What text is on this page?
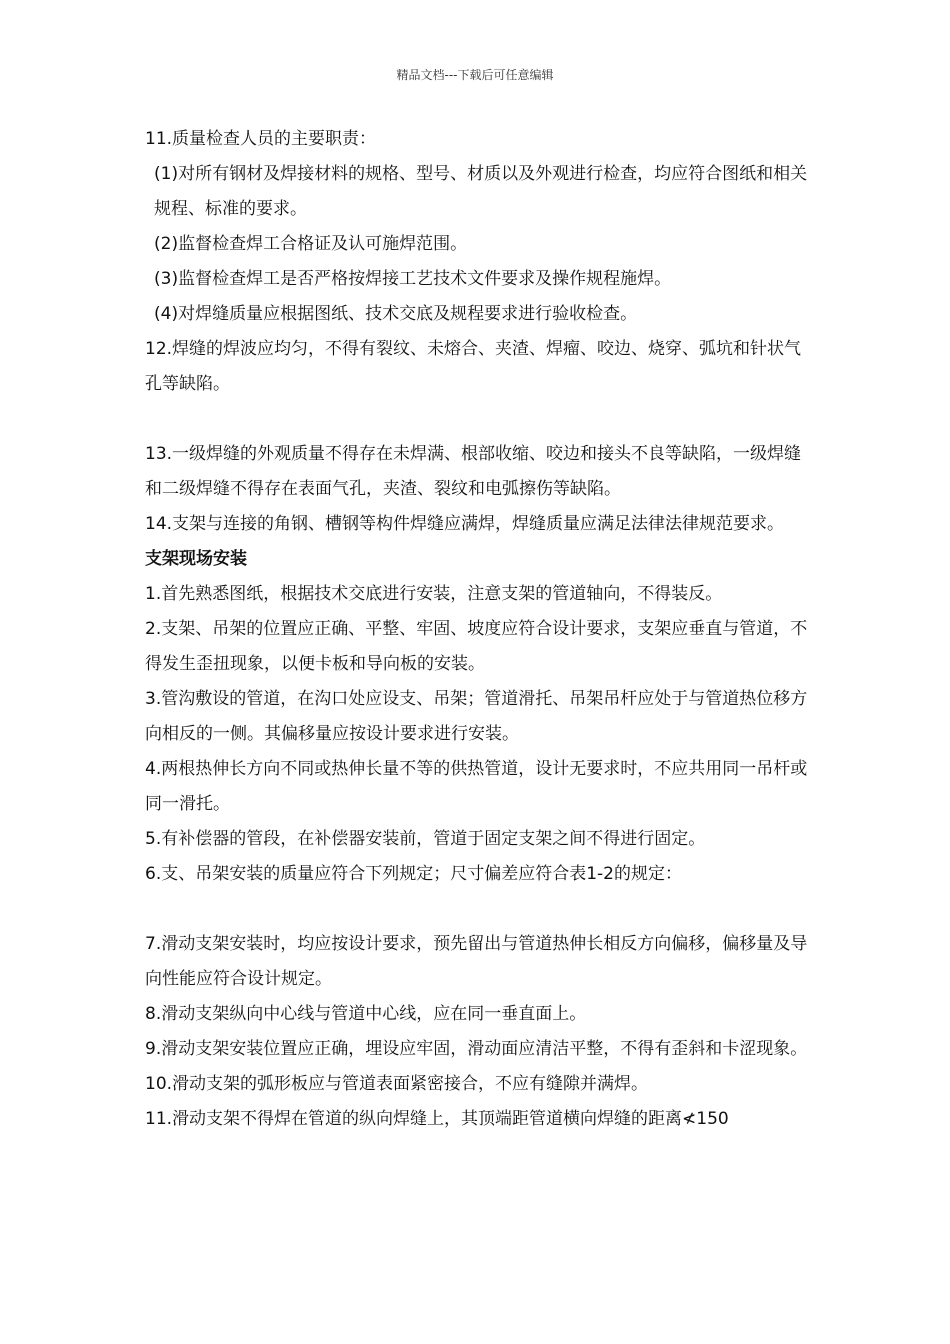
精品文档---下载后可任意编辑

11.质量检查人员的主要职责：

(1)对所有钢材及焊接材料的规格、型号、材质以及外观进行检查，均应符合图纸和相关规程、标准的要求。

(2)监督检查焊工合格证及认可施焊范围。

(3)监督检查焊工是否严格按焊接工艺技术文件要求及操作规程施焊。

(4)对焊缝质量应根据图纸、技术交底及规程要求进行验收检查。

12.焊缝的焊波应均匀，不得有裂纹、未熔合、夹渣、焊瘤、咬边、烧穿、弧坑和针状气孔等缺陷。

13.一级焊缝的外观质量不得存在未焊满、根部收缩、咬边和接头不良等缺陷，一级焊缝和二级焊缝不得存在表面气孔，夹渣、裂纹和电弧擦伤等缺陷。

14.支架与连接的角钢、槽钢等构件焊缝应满焊，焊缝质量应满足法律法律规范要求。

支架现场安装

1.首先熟悉图纸，根据技术交底进行安装，注意支架的管道轴向，不得装反。

2.支架、吊架的位置应正确、平整、牢固、坡度应符合设计要求，支架应垂直与管道，不得发生歪扭现象，以便卡板和导向板的安装。

3.管沟敷设的管道，在沟口处应设支、吊架；管道滑托、吊架吊杆应处于与管道热位移方向相反的一侧。其偏移量应按设计要求进行安装。

4.两根热伸长方向不同或热伸长量不等的供热管道，设计无要求时，不应共用同一吊杆或同一滑托。

5.有补偿器的管段，在补偿器安装前，管道于固定支架之间不得进行固定。

6.支、吊架安装的质量应符合下列规定；尺寸偏差应符合表1-2的规定：

7.滑动支架安装时，均应按设计要求，预先留出与管道热伸长相反方向偏移，偏移量及导向性能应符合设计规定。

8.滑动支架纵向中心线与管道中心线，应在同一垂直面上。

9.滑动支架安装位置应正确，埋设应牢固，滑动面应清洁平整，不得有歪斜和卡涩现象。

10.滑动支架的弧形板应与管道表面紧密接合，不应有缝隙并满焊。

11.滑动支架不得焊在管道的纵向焊缝上，其顶端距管道横向焊缝的距离≮150
